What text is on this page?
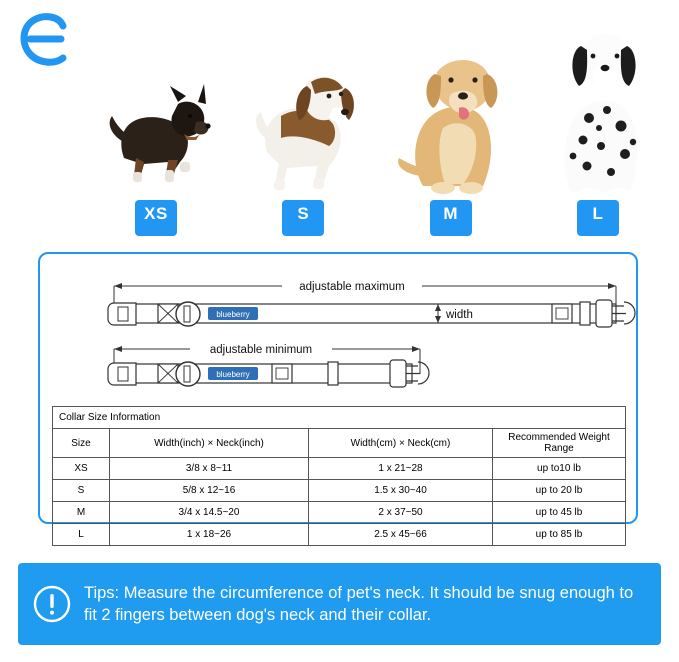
XS	S	M	L
adjustable maximum
blueberry	width
adjustable minimum
blueberry
Collar Size Information			
Size	Width(inch) × Neck(inch)	Width(cm) × Neck(cm)	Recommended Weight Range
XS	3/8 x 8~11	1 x 21~28	up to10 lb
S	5/8 x 12~16	1.5 x 30~40	up to 20 lb
M	3/4 x 14.5~20	2 x 37~50	up to 45 lb
L	1 x 18~26	2.5 x 45~66	up to 85 lb
Tips: Measure the circumference of pet's neck. It should be snug enough to fit 2 fingers between dog's neck and their collar.
